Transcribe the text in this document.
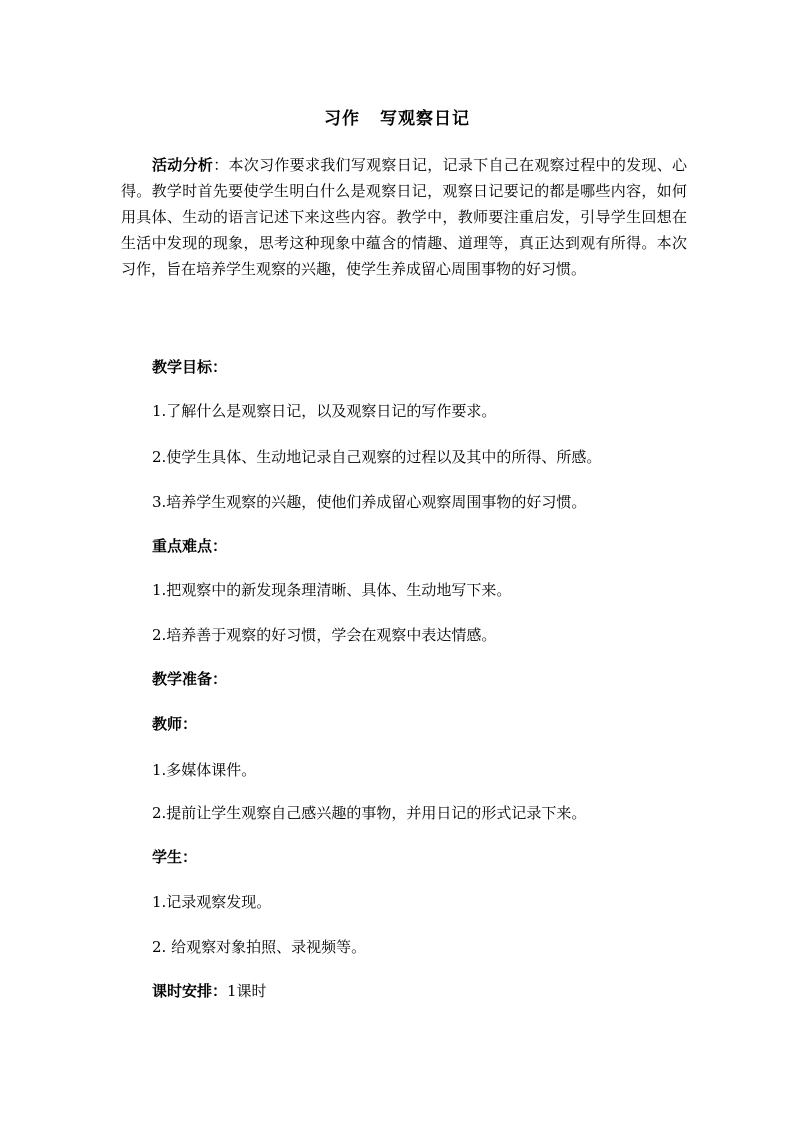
习作 写观察日记

活动分析：本次习作要求我们写观察日记，记录下自己在观察过程中的发现、心得。教学时首先要使学生明白什么是观察日记，观察日记要记的都是哪些内容，如何用具体、生动的语言记述下来这些内容。教学中，教师要注重启发，引导学生回想在生活中发现的现象，思考这种现象中蕴含的情趣、道理等，真正达到观有所得。本次习作，旨在培养学生观察的兴趣，使学生养成留心周围事物的好习惯。

教学目标：

1.了解什么是观察日记，以及观察日记的写作要求。

2.使学生具体、生动地记录自己观察的过程以及其中的所得、所感。

3.培养学生观察的兴趣，使他们养成留心观察周围事物的好习惯。

重点难点：

1.把观察中的新发现条理清晰、具体、生动地写下来。

2.培养善于观察的好习惯，学会在观察中表达情感。

教学准备：

教师：

1.多媒体课件。

2.提前让学生观察自己感兴趣的事物，并用日记的形式记录下来。

学生：

1.记录观察发现。

2. 给观察对象拍照、录视频等。

课时安排：1课时
